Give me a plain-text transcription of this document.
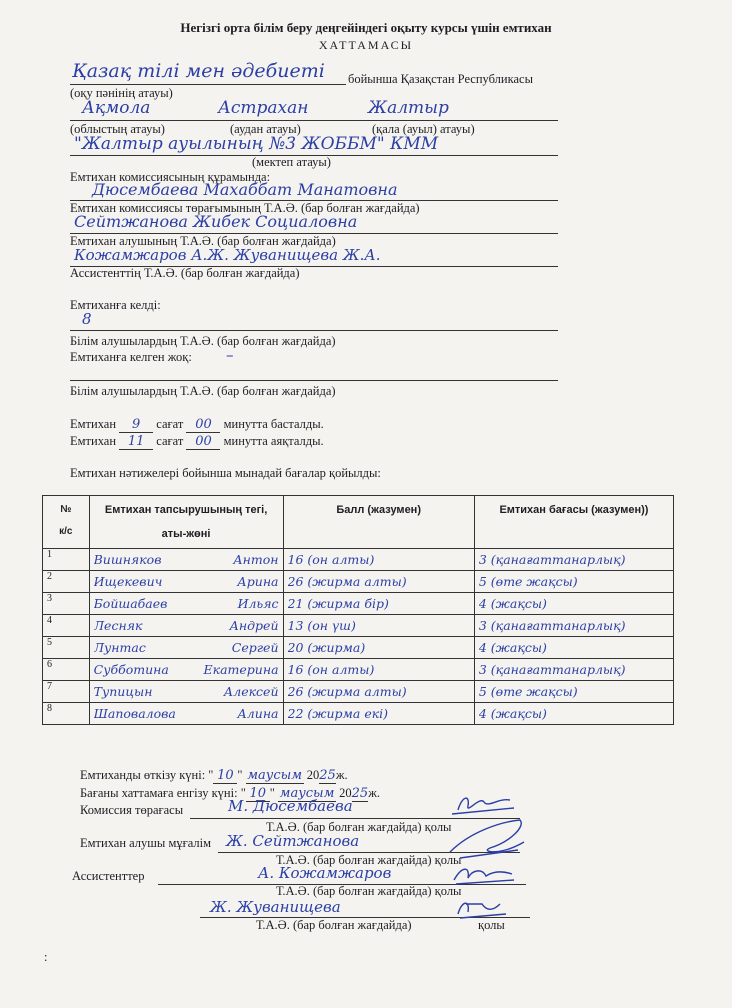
Негізгі орта білім беру деңгейіндегі оқыту курсы үшін емтихан
ХАТТАМАСЫ
Қазақ тілі мен әдебиеті бойынша Қазақстан Республикасы
(оқу пәнінің атауы)
Ақмола	Астрахан	Жалтыр
(облыстың атауы)	(аудан атауы)	(қала (ауыл) атауы)
"Жалтыр ауылының №3 ЖОББМ" КММ
(мектеп атауы)
Емтихан комиссиясының құрамында:
Дюсембаева Махаббат Манатовна
Емтихан комиссиясы төрағымының Т.А.Ә. (бар болған жағдайда)
Сейтжанова Жибек Социаловна
Емтихан алушының Т.А.Ә. (бар болған жағдайда)
Кожамжаров А.Ж. Жуванищева Ж.А.
Ассистенттің Т.А.Ә. (бар болған жағдайда)
Емтиханға келді:
8
Білім алушылардың Т.А.Ә. (бар болған жағдайда)
Емтиханға келген жоқ: –
Білім алушылардың Т.А.Ә. (бар болған жағдайда)
Емтихан 9 сағат 00 минутта басталды.
Емтихан 11 сағат 00 минутта аяқталды.
Емтихан нәтижелері бойынша мынадай бағалар қойылды:
№

к/с	Емтихан тапсырушының тегі,

аты-жөні	Балл (жазумен)	Емтихан бағасы (жазумен))
1	Вишняков Антон	16 (он алты)	3 (қанағаттанарлық)

2	Ищекевич Арина	26 (жирма алты)	5 (өте жақсы)

3	Бойшабаев Ильяс	21 (жирма бір)	4 (жақсы)

4	Лесняк Андрей	13 (он үш)	3 (қанағаттанарлық)

5	Лунтас Сергей	20 (жирма)	4 (жақсы)

6	Субботина Екатерина	16 (он алты)	3 (қанағаттанарлық)

7	Тупицын Алексей	26 (жирма алты)	5 (өте жақсы)

8	Шаповалова Алина	22 (жирма екі)	4 (жақсы)
Емтиханды өткізу күні: " 10 " маусым 2025ж.
Бағаны хаттамаға енгізу күні: " 10 " маусым 2025ж.
Комиссия төрағасы	М. Дюсембаева
Т.А.Ә. (бар болған жағдайда) қолы
Емтихан алушы мұғалім Ж. Сейтжанова
Т.А.Ә. (бар болған жағдайда) қолы
Ассистенттер	А. Кожамжаров
Т.А.Ә. (бар болған жағдайда) қолы
Ж. Жуванищева
Т.А.Ә. (бар болған жағдайда)	қолы
:
